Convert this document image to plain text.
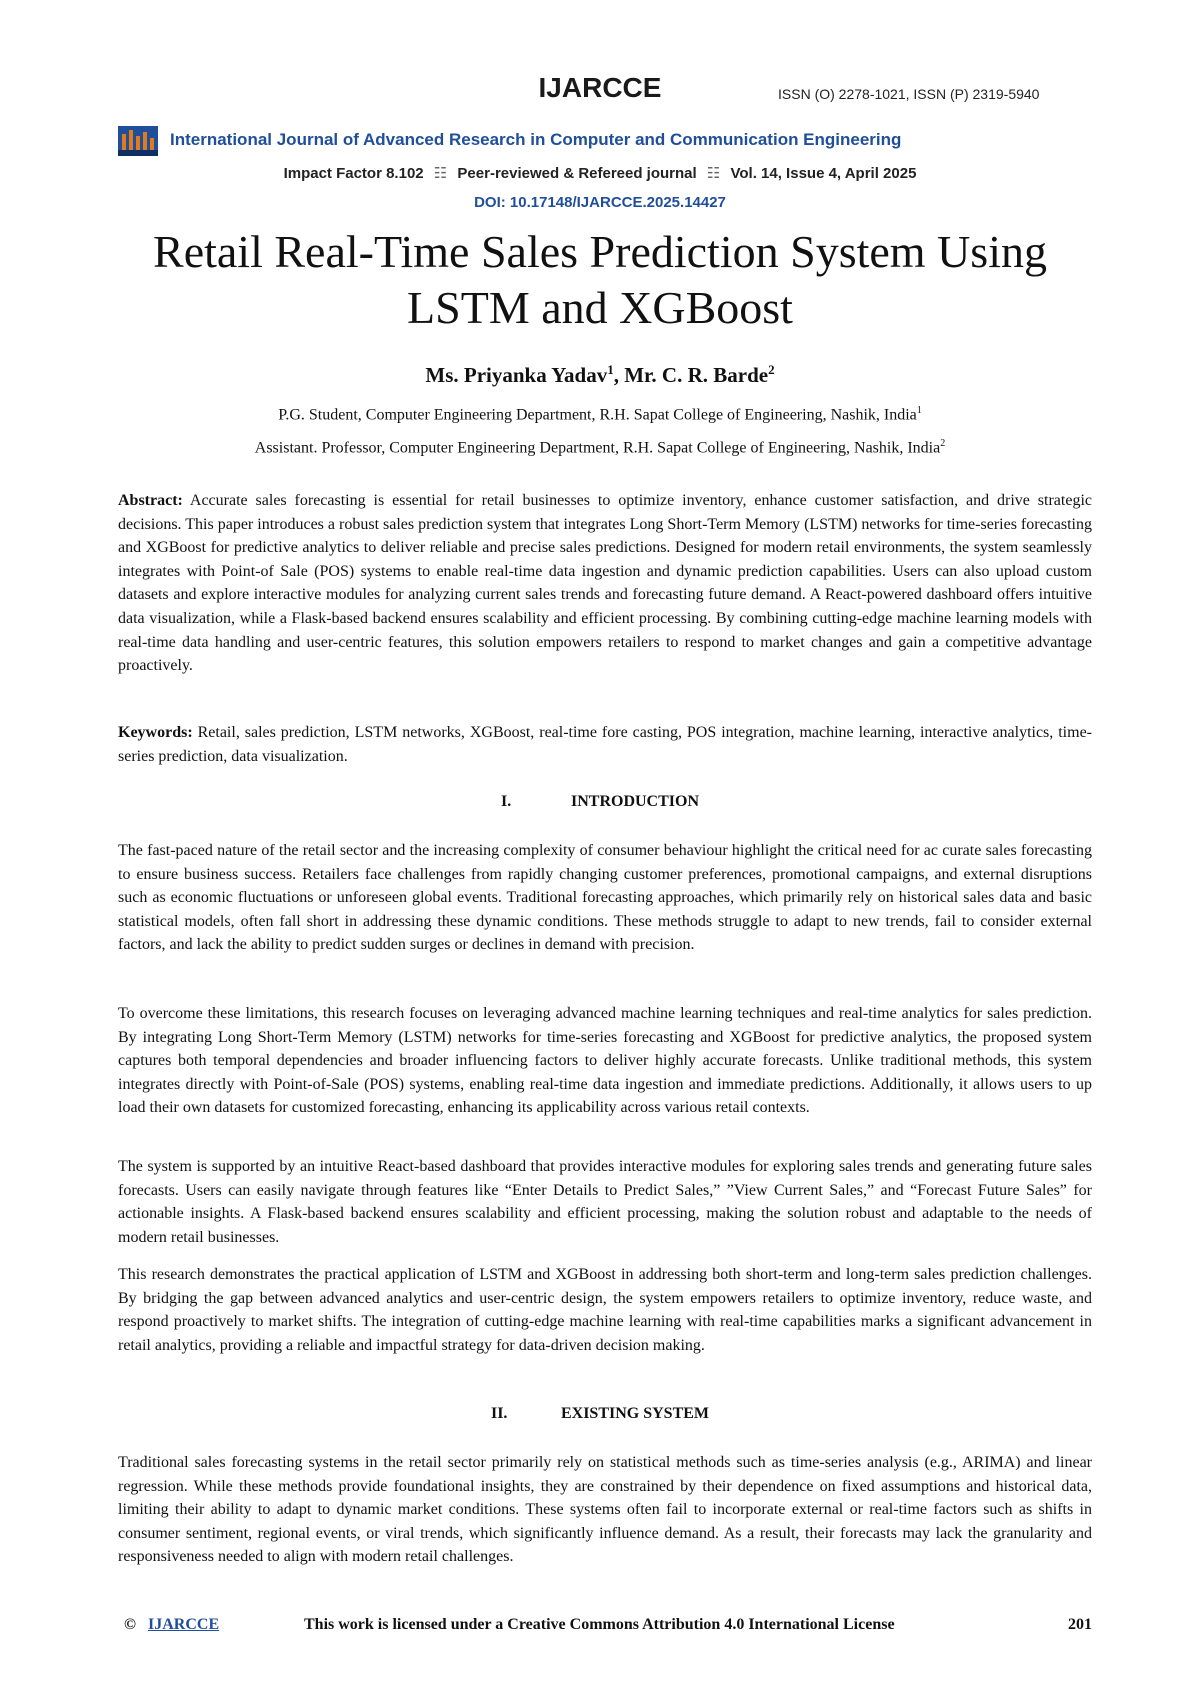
IJARCCE	ISSN (O) 2278-1021, ISSN (P) 2319-5940
International Journal of Advanced Research in Computer and Communication Engineering
Impact Factor 8.102 ☷ Peer-reviewed & Refereed journal ☷ Vol. 14, Issue 4, April 2025
DOI: 10.17148/IJARCCE.2025.14427
Retail Real-Time Sales Prediction System Using
LSTM and XGBoost
Ms. Priyanka Yadav$^1$, Mr. C. R. Barde$^2$
P.G. Student, Computer Engineering Department, R.H. Sapat College of Engineering, Nashik, India$^1$
Assistant. Professor, Computer Engineering Department, R.H. Sapat College of Engineering, Nashik, India$^2$

Abstract: Accurate sales forecasting is essential for retail businesses to optimize inventory, enhance customer satisfaction, and drive strategic decisions. This paper introduces a robust sales prediction system that integrates Long Short-Term Memory (LSTM) networks for time-series forecasting and XGBoost for predictive analytics to deliver reliable and precise sales predictions. Designed for modern retail environments, the system seamlessly integrates with Point-of Sale (POS) systems to enable real-time data ingestion and dynamic prediction capabilities. Users can also upload custom datasets and explore interactive modules for analyzing current sales trends and forecasting future demand. A React-powered dashboard offers intuitive data visualization, while a Flask-based backend ensures scalability and efficient processing. By combining cutting-edge machine learning models with real-time data handling and user-centric features, this solution empowers retailers to respond to market changes and gain a competitive advantage proactively.

Keywords: Retail, sales prediction, LSTM networks, XGBoost, real-time fore casting, POS integration, machine learning, interactive analytics, time-series prediction, data visualization.

I.	INTRODUCTION

The fast-paced nature of the retail sector and the increasing complexity of consumer behaviour highlight the critical need for ac curate sales forecasting to ensure business success. Retailers face challenges from rapidly changing customer preferences, promotional campaigns, and external disruptions such as economic fluctuations or unforeseen global events. Traditional forecasting approaches, which primarily rely on historical sales data and basic statistical models, often fall short in addressing these dynamic conditions. These methods struggle to adapt to new trends, fail to consider external factors, and lack the ability to predict sudden surges or declines in demand with precision.

To overcome these limitations, this research focuses on leveraging advanced machine learning techniques and real-time analytics for sales prediction. By integrating Long Short-Term Memory (LSTM) networks for time-series forecasting and XGBoost for predictive analytics, the proposed system captures both temporal dependencies and broader influencing factors to deliver highly accurate forecasts. Unlike traditional methods, this system integrates directly with Point-of-Sale (POS) systems, enabling real-time data ingestion and immediate predictions. Additionally, it allows users to up load their own datasets for customized forecasting, enhancing its applicability across various retail contexts.

The system is supported by an intuitive React-based dashboard that provides interactive modules for exploring sales trends and generating future sales forecasts. Users can easily navigate through features like “Enter Details to Predict Sales,” ”View Current Sales,” and “Forecast Future Sales” for actionable insights. A Flask-based backend ensures scalability and efficient processing, making the solution robust and adaptable to the needs of modern retail businesses.

This research demonstrates the practical application of LSTM and XGBoost in addressing both short-term and long-term sales prediction challenges. By bridging the gap between advanced analytics and user-centric design, the system empowers retailers to optimize inventory, reduce waste, and respond proactively to market shifts. The integration of cutting-edge machine learning with real-time capabilities marks a significant advancement in retail analytics, providing a reliable and impactful strategy for data-driven decision making.

II.	EXISTING SYSTEM

Traditional sales forecasting systems in the retail sector primarily rely on statistical methods such as time-series analysis (e.g., ARIMA) and linear regression. While these methods provide foundational insights, they are constrained by their dependence on fixed assumptions and historical data, limiting their ability to adapt to dynamic market conditions. These systems often fail to incorporate external or real-time factors such as shifts in consumer sentiment, regional events, or viral trends, which significantly influence demand. As a result, their forecasts may lack the granularity and responsiveness needed to align with modern retail challenges.

© IJARCCE	This work is licensed under a Creative Commons Attribution 4.0 International License	201
